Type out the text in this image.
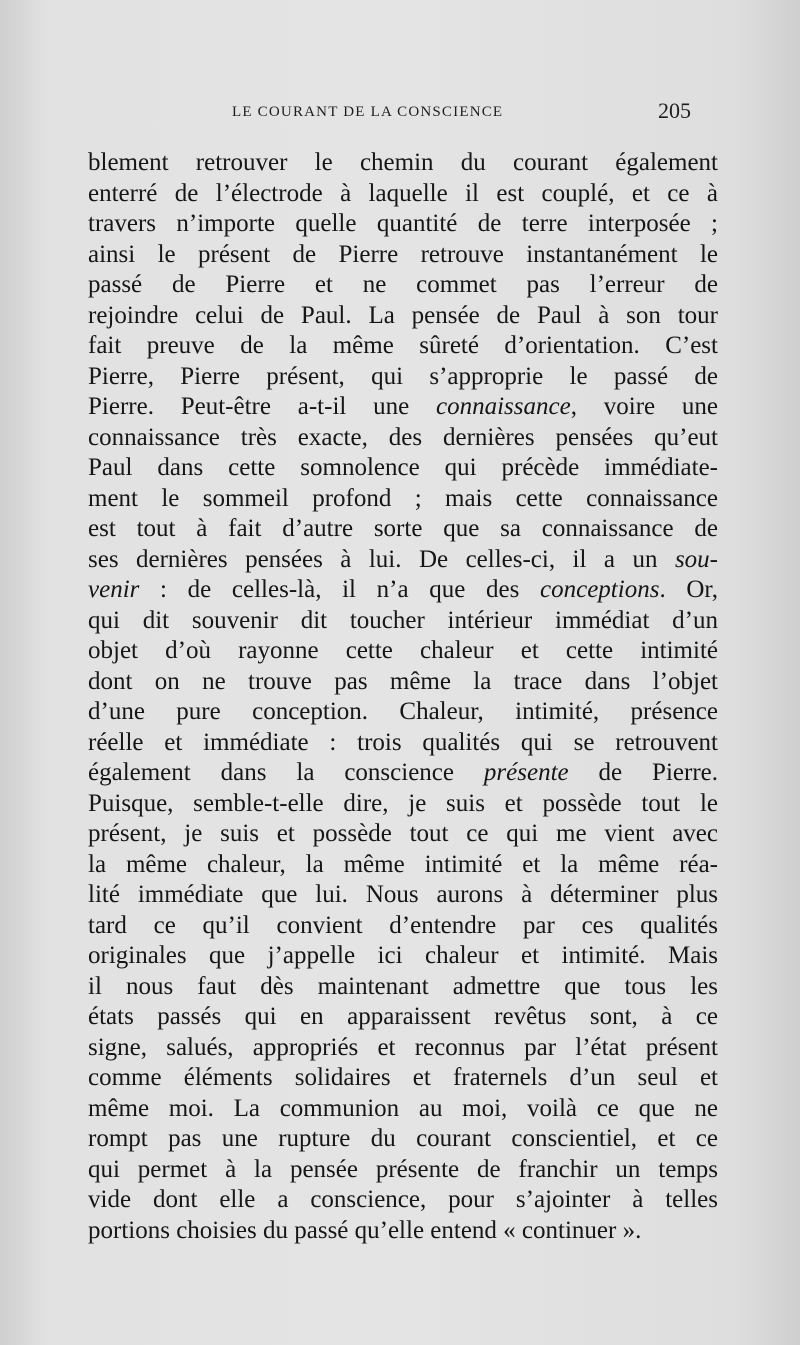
LE COURANT DE LA CONSCIENCE	205
blement retrouver le chemin du courant également
enterré de l’électrode à laquelle il est couplé, et ce à
travers n’importe quelle quantité de terre interposée ;
ainsi le présent de Pierre retrouve instantanément le
passé de Pierre et ne commet pas l’erreur de
rejoindre celui de Paul. La pensée de Paul à son tour
fait preuve de la même sûreté d’orientation. C’est
Pierre, Pierre présent, qui s’approprie le passé de
Pierre. Peut-être a-t-il une connaissance, voire une
connaissance très exacte, des dernières pensées qu’eut
Paul dans cette somnolence qui précède immédiate-
ment le sommeil profond ; mais cette connaissance
est tout à fait d’autre sorte que sa connaissance de
ses dernières pensées à lui. De celles-ci, il a un sou-
venir : de celles-là, il n’a que des conceptions. Or,
qui dit souvenir dit toucher intérieur immédiat d’un
objet d’où rayonne cette chaleur et cette intimité
dont on ne trouve pas même la trace dans l’objet
d’une pure conception. Chaleur, intimité, présence
réelle et immédiate : trois qualités qui se retrouvent
également dans la conscience présente de Pierre.
Puisque, semble-t-elle dire, je suis et possède tout le
présent, je suis et possède tout ce qui me vient avec
la même chaleur, la même intimité et la même réa-
lité immédiate que lui. Nous aurons à déterminer plus
tard ce qu’il convient d’entendre par ces qualités
originales que j’appelle ici chaleur et intimité. Mais
il nous faut dès maintenant admettre que tous les
états passés qui en apparaissent revêtus sont, à ce
signe, salués, appropriés et reconnus par l’état présent
comme éléments solidaires et fraternels d’un seul et
même moi. La communion au moi, voilà ce que ne
rompt pas une rupture du courant conscientiel, et ce
qui permet à la pensée présente de franchir un temps
vide dont elle a conscience, pour s’ajointer à telles
portions choisies du passé qu’elle entend « continuer ».
